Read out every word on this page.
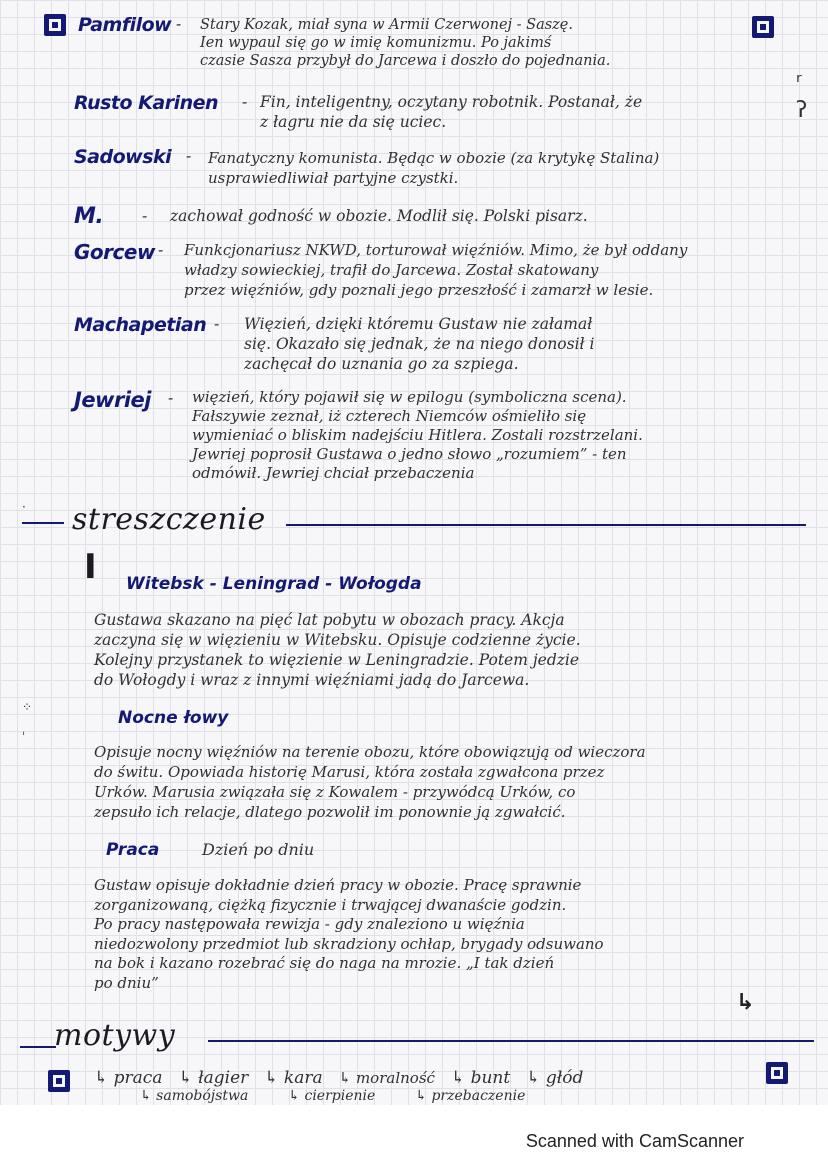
ʳ
ʔ
·
⁘
ˈ
Pamfilow - Stary Kozak, miał syna w Armii Czerwonej - Saszę.
Ien wypaul się go w imię komunizmu. Po jakimś
czasie Sasza przybył do Jarcewa i doszło do pojednania.
Rusto Karinen - Fin, inteligentny, oczytany robotnik. Postanał, że
z łagru nie da się uciec.
Sadowski - Fanatyczny komunista. Będąc w obozie (za krytykę Stalina)
usprawiedliwiał partyjne czystki.
M.	- zachował godność w obozie. Modlił się. Polski pisarz.
Gorcew - Funkcjonariusz NKWD, torturował więźniów. Mimo, że był oddany
władzy sowieckiej, trafił do Jarcewa. Został skatowany
przez więźniów, gdy poznali jego przeszłość i zamarzł w lesie.
Machapetian - Więzień, dzięki któremu Gustaw nie załamał
się. Okazało się jednak, że na niego donosił i
zachęcał do uznania go za szpiega.
Jewriej - więzień, który pojawił się w epilogu (symboliczna scena).
Fałszywie zeznał, iż czterech Niemców ośmieliło się
wymieniać o bliskim nadejściu Hitlera. Zostali rozstrzelani.
Jewriej poprosił Gustawa o jedno słowo „rozumiem” - ten
odmówił. Jewriej chciał przebaczenia
streszczenie
I Witebsk - Leningrad - Wołogda
Gustawa skazano na pięć lat pobytu w obozach pracy. Akcja
zaczyna się w więzieniu w Witebsku. Opisuje codzienne życie.
Kolejny przystanek to więzienie w Leningradzie. Potem jedzie
do Wołogdy i wraz z innymi więźniami jadą do Jarcewa.
Nocne łowy
Opisuje nocny więźniów na terenie obozu, które obowiązują od wieczora
do świtu. Opowiada historię Marusi, która została zgwałcona przez
Urków. Marusia związała się z Kowalem - przywódcą Urków, co
zepsuło ich relacje, dlatego pozwolił im ponownie ją zgwałcić.
Praca	Dzień po dniu
Gustaw opisuje dokładnie dzień pracy w obozie. Pracę sprawnie
zorganizowaną, ciężką fizycznie i trwającej dwanaście godzin.
Po pracy następowała rewizja - gdy znaleziono u więźnia
niedozwolony przedmiot lub skradziony ochłap, brygady odsuwano
na bok i kazano rozebrać się do naga na mrozie. „I tak dzień
po dniu”
↳
motywy
↳ praca ↳ łagier ↳ kara ↳ moralność ↳ bunt ↳ głód
↳ samobójstwa	↳ cierpienie	↳ przebaczenie
Scanned with CamScanner
